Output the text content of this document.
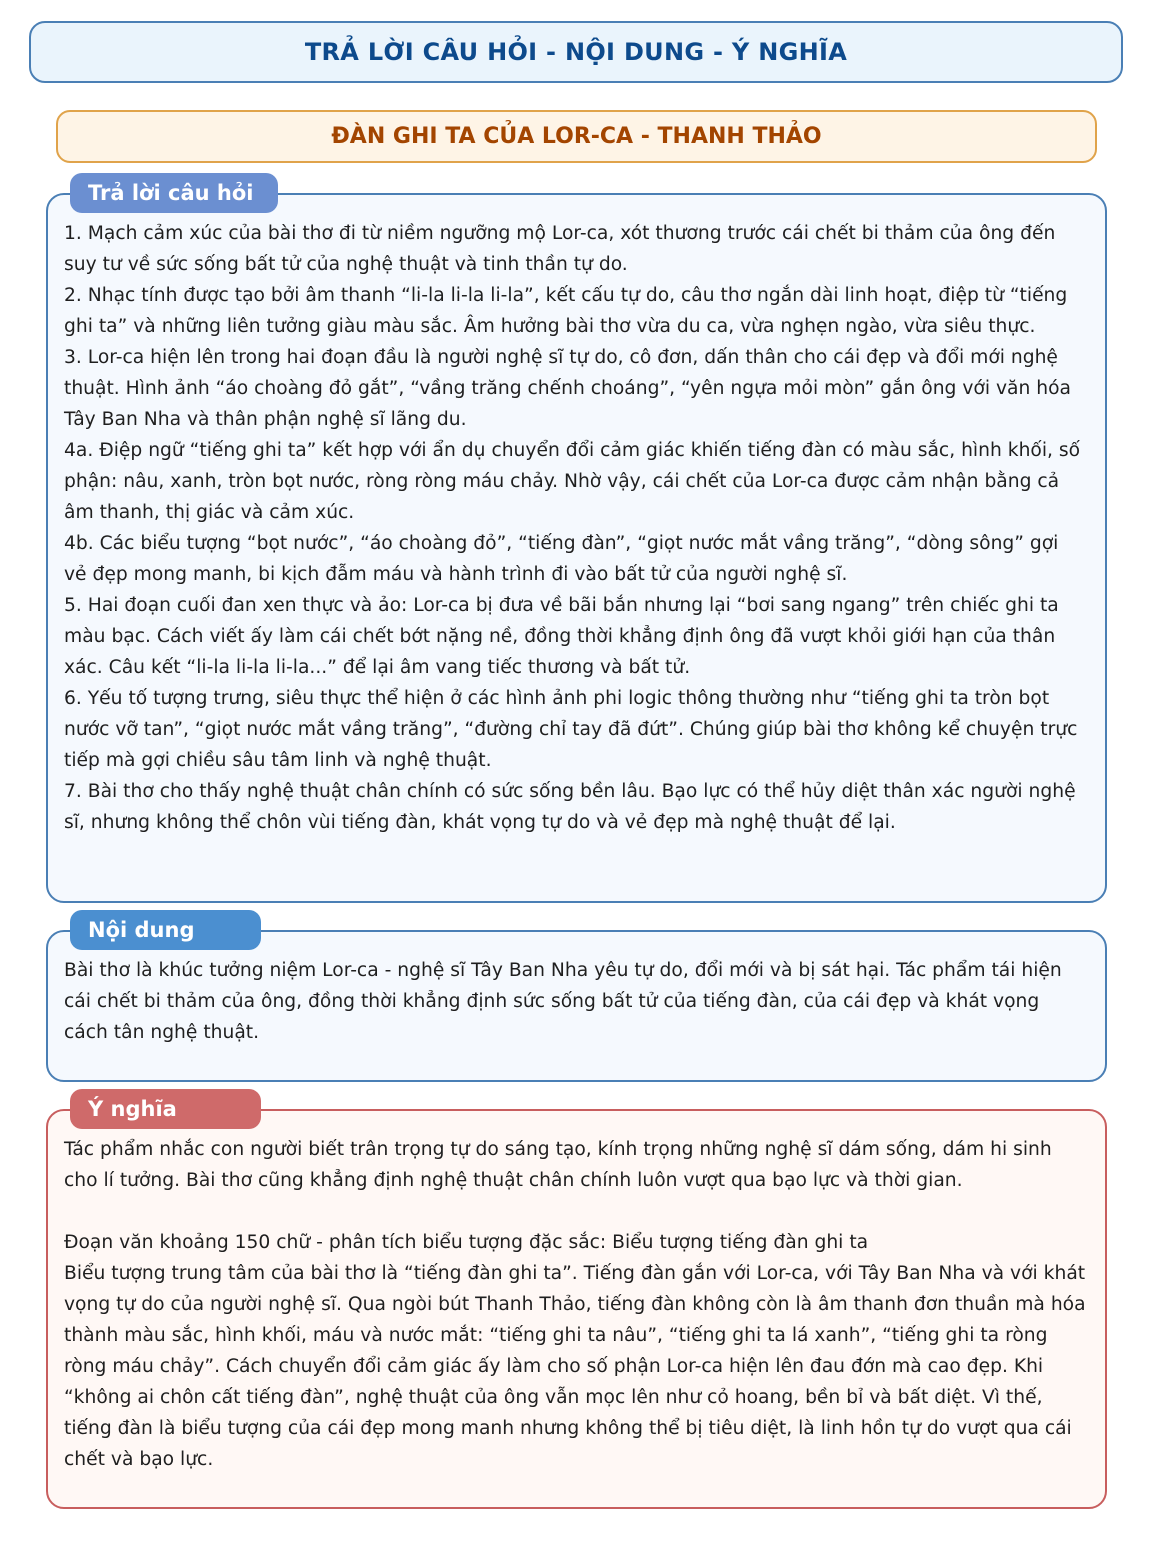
TRẢ LỜI CÂU HỎI - NỘI DUNG - Ý NGHĨA
ĐÀN GHI TA CỦA LOR-CA - THANH THẢO
Trả lời câu hỏi

1. Mạch cảm xúc của bài thơ đi từ niềm ngưỡng mộ Lor-ca, xót thương trước cái chết bi thảm của ông đến suy tư về sức sống bất tử của nghệ thuật và tinh thần tự do.

2. Nhạc tính được tạo bởi âm thanh “li-la li-la li-la”, kết cấu tự do, câu thơ ngắn dài linh hoạt, điệp từ “tiếng ghi ta” và những liên tưởng giàu màu sắc. Âm hưởng bài thơ vừa du ca, vừa nghẹn ngào, vừa siêu thực.

3. Lor-ca hiện lên trong hai đoạn đầu là người nghệ sĩ tự do, cô đơn, dấn thân cho cái đẹp và đổi mới nghệ thuật. Hình ảnh “áo choàng đỏ gắt”, “vầng trăng chếnh choáng”, “yên ngựa mỏi mòn” gắn ông với văn hóa Tây Ban Nha và thân phận nghệ sĩ lãng du.

4a. Điệp ngữ “tiếng ghi ta” kết hợp với ẩn dụ chuyển đổi cảm giác khiến tiếng đàn có màu sắc, hình khối, số phận: nâu, xanh, tròn bọt nước, ròng ròng máu chảy. Nhờ vậy, cái chết của Lor-ca được cảm nhận bằng cả âm thanh, thị giác và cảm xúc.

4b. Các biểu tượng “bọt nước”, “áo choàng đỏ”, “tiếng đàn”, “giọt nước mắt vầng trăng”, “dòng sông” gợi vẻ đẹp mong manh, bi kịch đẫm máu và hành trình đi vào bất tử của người nghệ sĩ.

5. Hai đoạn cuối đan xen thực và ảo: Lor-ca bị đưa về bãi bắn nhưng lại “bơi sang ngang” trên chiếc ghi ta màu bạc. Cách viết ấy làm cái chết bớt nặng nề, đồng thời khẳng định ông đã vượt khỏi giới hạn của thân xác. Câu kết “li-la li-la li-la...” để lại âm vang tiếc thương và bất tử.

6. Yếu tố tượng trưng, siêu thực thể hiện ở các hình ảnh phi logic thông thường như “tiếng ghi ta tròn bọt nước vỡ tan”, “giọt nước mắt vầng trăng”, “đường chỉ tay đã đứt”. Chúng giúp bài thơ không kể chuyện trực tiếp mà gợi chiều sâu tâm linh và nghệ thuật.

7. Bài thơ cho thấy nghệ thuật chân chính có sức sống bền lâu. Bạo lực có thể hủy diệt thân xác người nghệ sĩ, nhưng không thể chôn vùi tiếng đàn, khát vọng tự do và vẻ đẹp mà nghệ thuật để lại.

Nội dung

Bài thơ là khúc tưởng niệm Lor-ca - nghệ sĩ Tây Ban Nha yêu tự do, đổi mới và bị sát hại. Tác phẩm tái hiện cái chết bi thảm của ông, đồng thời khẳng định sức sống bất tử của tiếng đàn, của cái đẹp và khát vọng cách tân nghệ thuật.

Ý nghĩa

Tác phẩm nhắc con người biết trân trọng tự do sáng tạo, kính trọng những nghệ sĩ dám sống, dám hi sinh cho lí tưởng. Bài thơ cũng khẳng định nghệ thuật chân chính luôn vượt qua bạo lực và thời gian.

Đoạn văn khoảng 150 chữ - phân tích biểu tượng đặc sắc: Biểu tượng tiếng đàn ghi ta

Biểu tượng trung tâm của bài thơ là “tiếng đàn ghi ta”. Tiếng đàn gắn với Lor-ca, với Tây Ban Nha và với khát vọng tự do của người nghệ sĩ. Qua ngòi bút Thanh Thảo, tiếng đàn không còn là âm thanh đơn thuần mà hóa thành màu sắc, hình khối, máu và nước mắt: “tiếng ghi ta nâu”, “tiếng ghi ta lá xanh”, “tiếng ghi ta ròng ròng máu chảy”. Cách chuyển đổi cảm giác ấy làm cho số phận Lor-ca hiện lên đau đớn mà cao đẹp. Khi “không ai chôn cất tiếng đàn”, nghệ thuật của ông vẫn mọc lên như cỏ hoang, bền bỉ và bất diệt. Vì thế, tiếng đàn là biểu tượng của cái đẹp mong manh nhưng không thể bị tiêu diệt, là linh hồn tự do vượt qua cái chết và bạo lực.
